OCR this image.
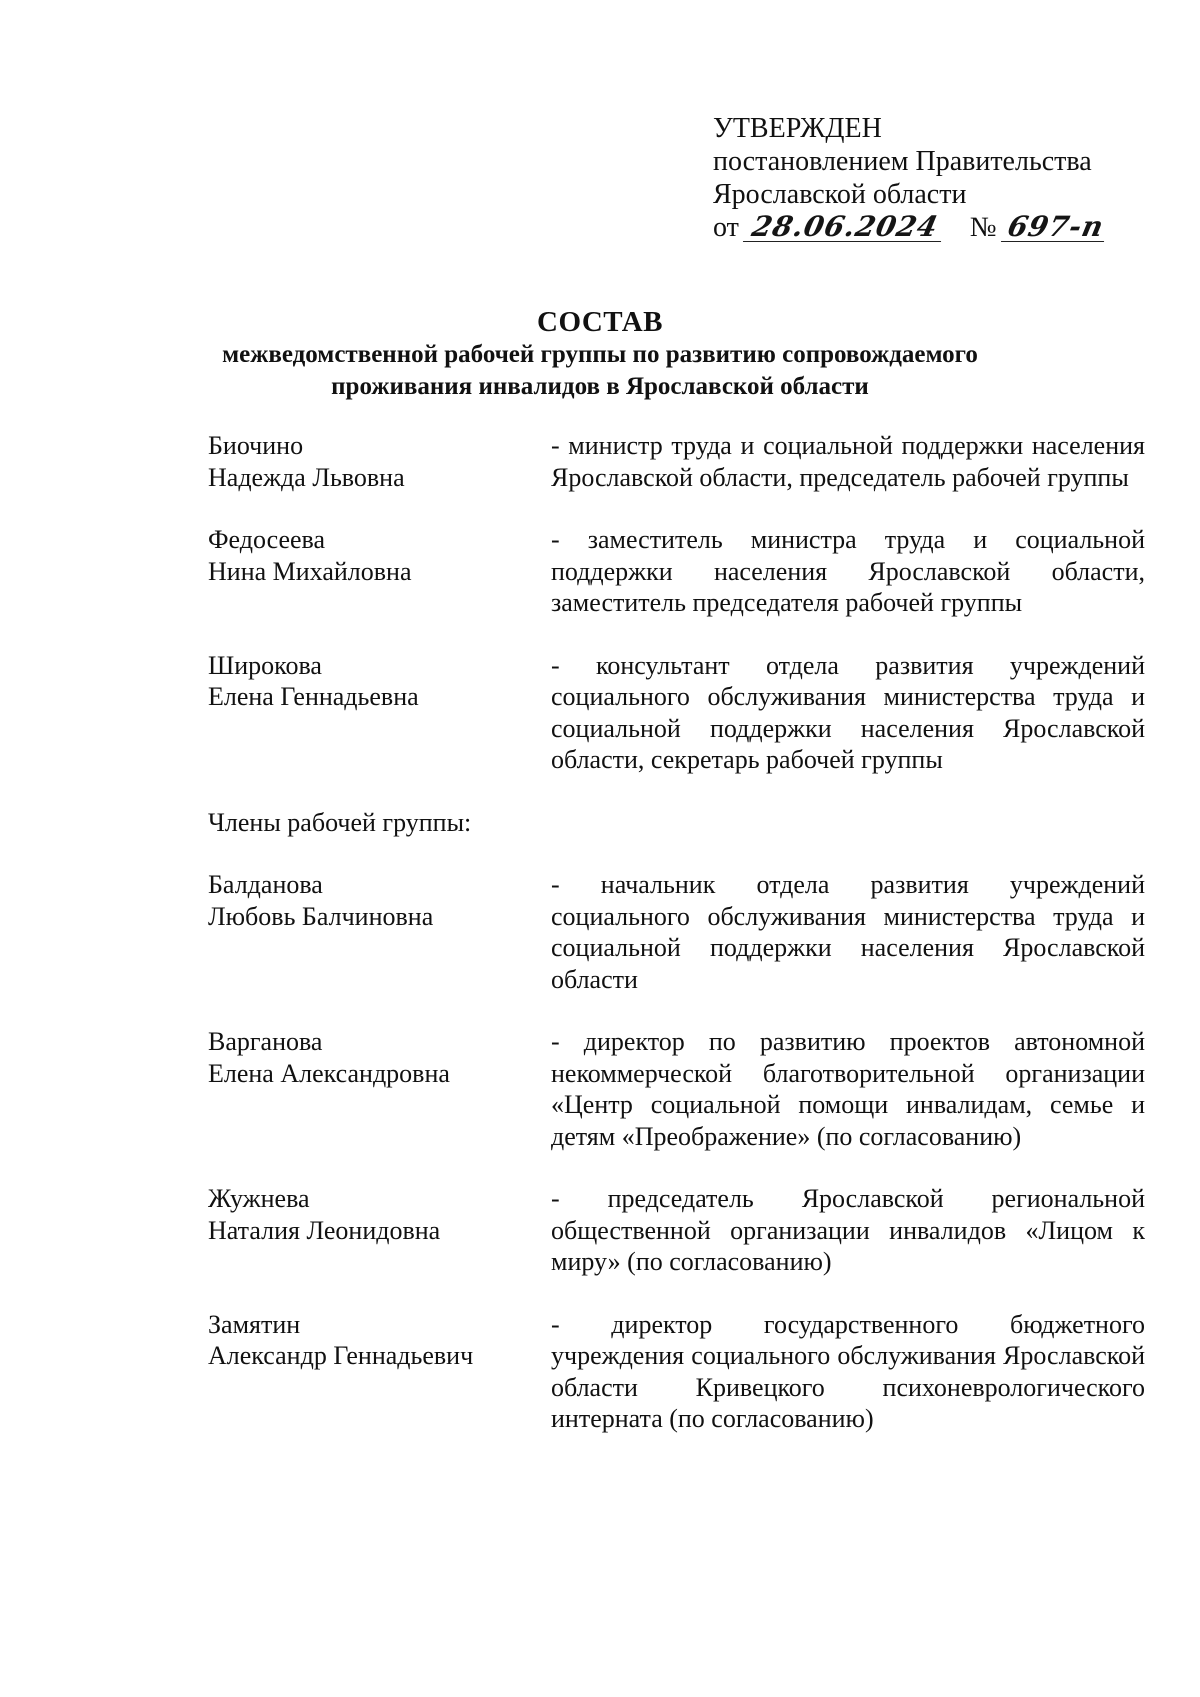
УТВЕРЖДЕН
постановлением Правительства
Ярославской области
от 28.06.2024 № 697-п
СОСТАВ
межведомственной рабочей группы по развитию сопровождаемого
проживания инвалидов в Ярославской области
Биочино
Надежда Львовна
- министр труда и социальной поддержки населения Ярославской области, председатель рабочей группы
Федосеева
Нина Михайловна
- заместитель министра труда и социальной поддержки населения Ярославской области, заместитель председателя рабочей группы
Широкова
Елена Геннадьевна
- консультант отдела развития учреждений социального обслуживания министерства труда и социальной поддержки населения Ярославской области, секретарь рабочей группы
Члены рабочей группы:
Балданова
Любовь Балчиновна
- начальник отдела развития учреждений социального обслуживания министерства труда и социальной поддержки населения Ярославской области
Варганова
Елена Александровна
- директор по развитию проектов автономной некоммерческой благотворительной организации «Центр социальной помощи инвалидам, семье и детям «Преображение» (по согласованию)
Жужнева
Наталия Леонидовна
- председатель Ярославской региональной общественной организации инвалидов «Лицом к миру» (по согласованию)
Замятин
Александр Геннадьевич
- директор государственного бюджетного учреждения социального обслуживания Ярославской области Кривецкого психоневрологического интерната (по согласованию)
